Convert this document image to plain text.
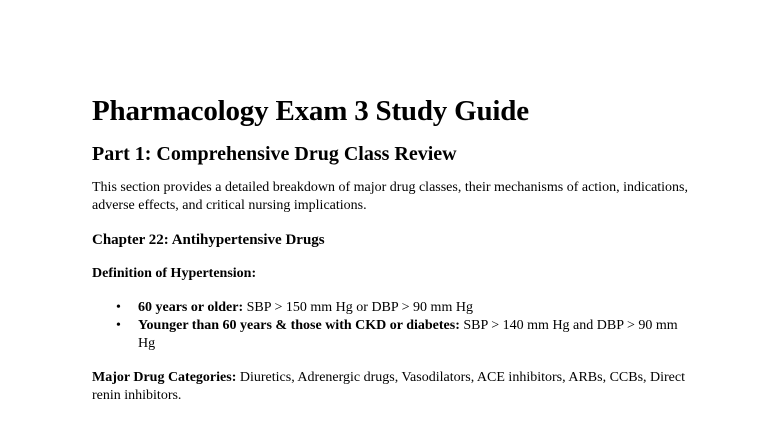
Pharmacology Exam 3 Study Guide
Part 1: Comprehensive Drug Class Review

This section provides a detailed breakdown of major drug classes, their mechanisms of action, indications, adverse effects, and critical nursing implications.

Chapter 22: Antihypertensive Drugs

Definition of Hypertension:

• 60 years or older: SBP > 150 mm Hg or DBP > 90 mm Hg
• Younger than 60 years & those with CKD or diabetes: SBP > 140 mm Hg and DBP > 90 mm Hg

Major Drug Categories: Diuretics, Adrenergic drugs, Vasodilators, ACE inhibitors, ARBs, CCBs, Direct renin inhibitors.
